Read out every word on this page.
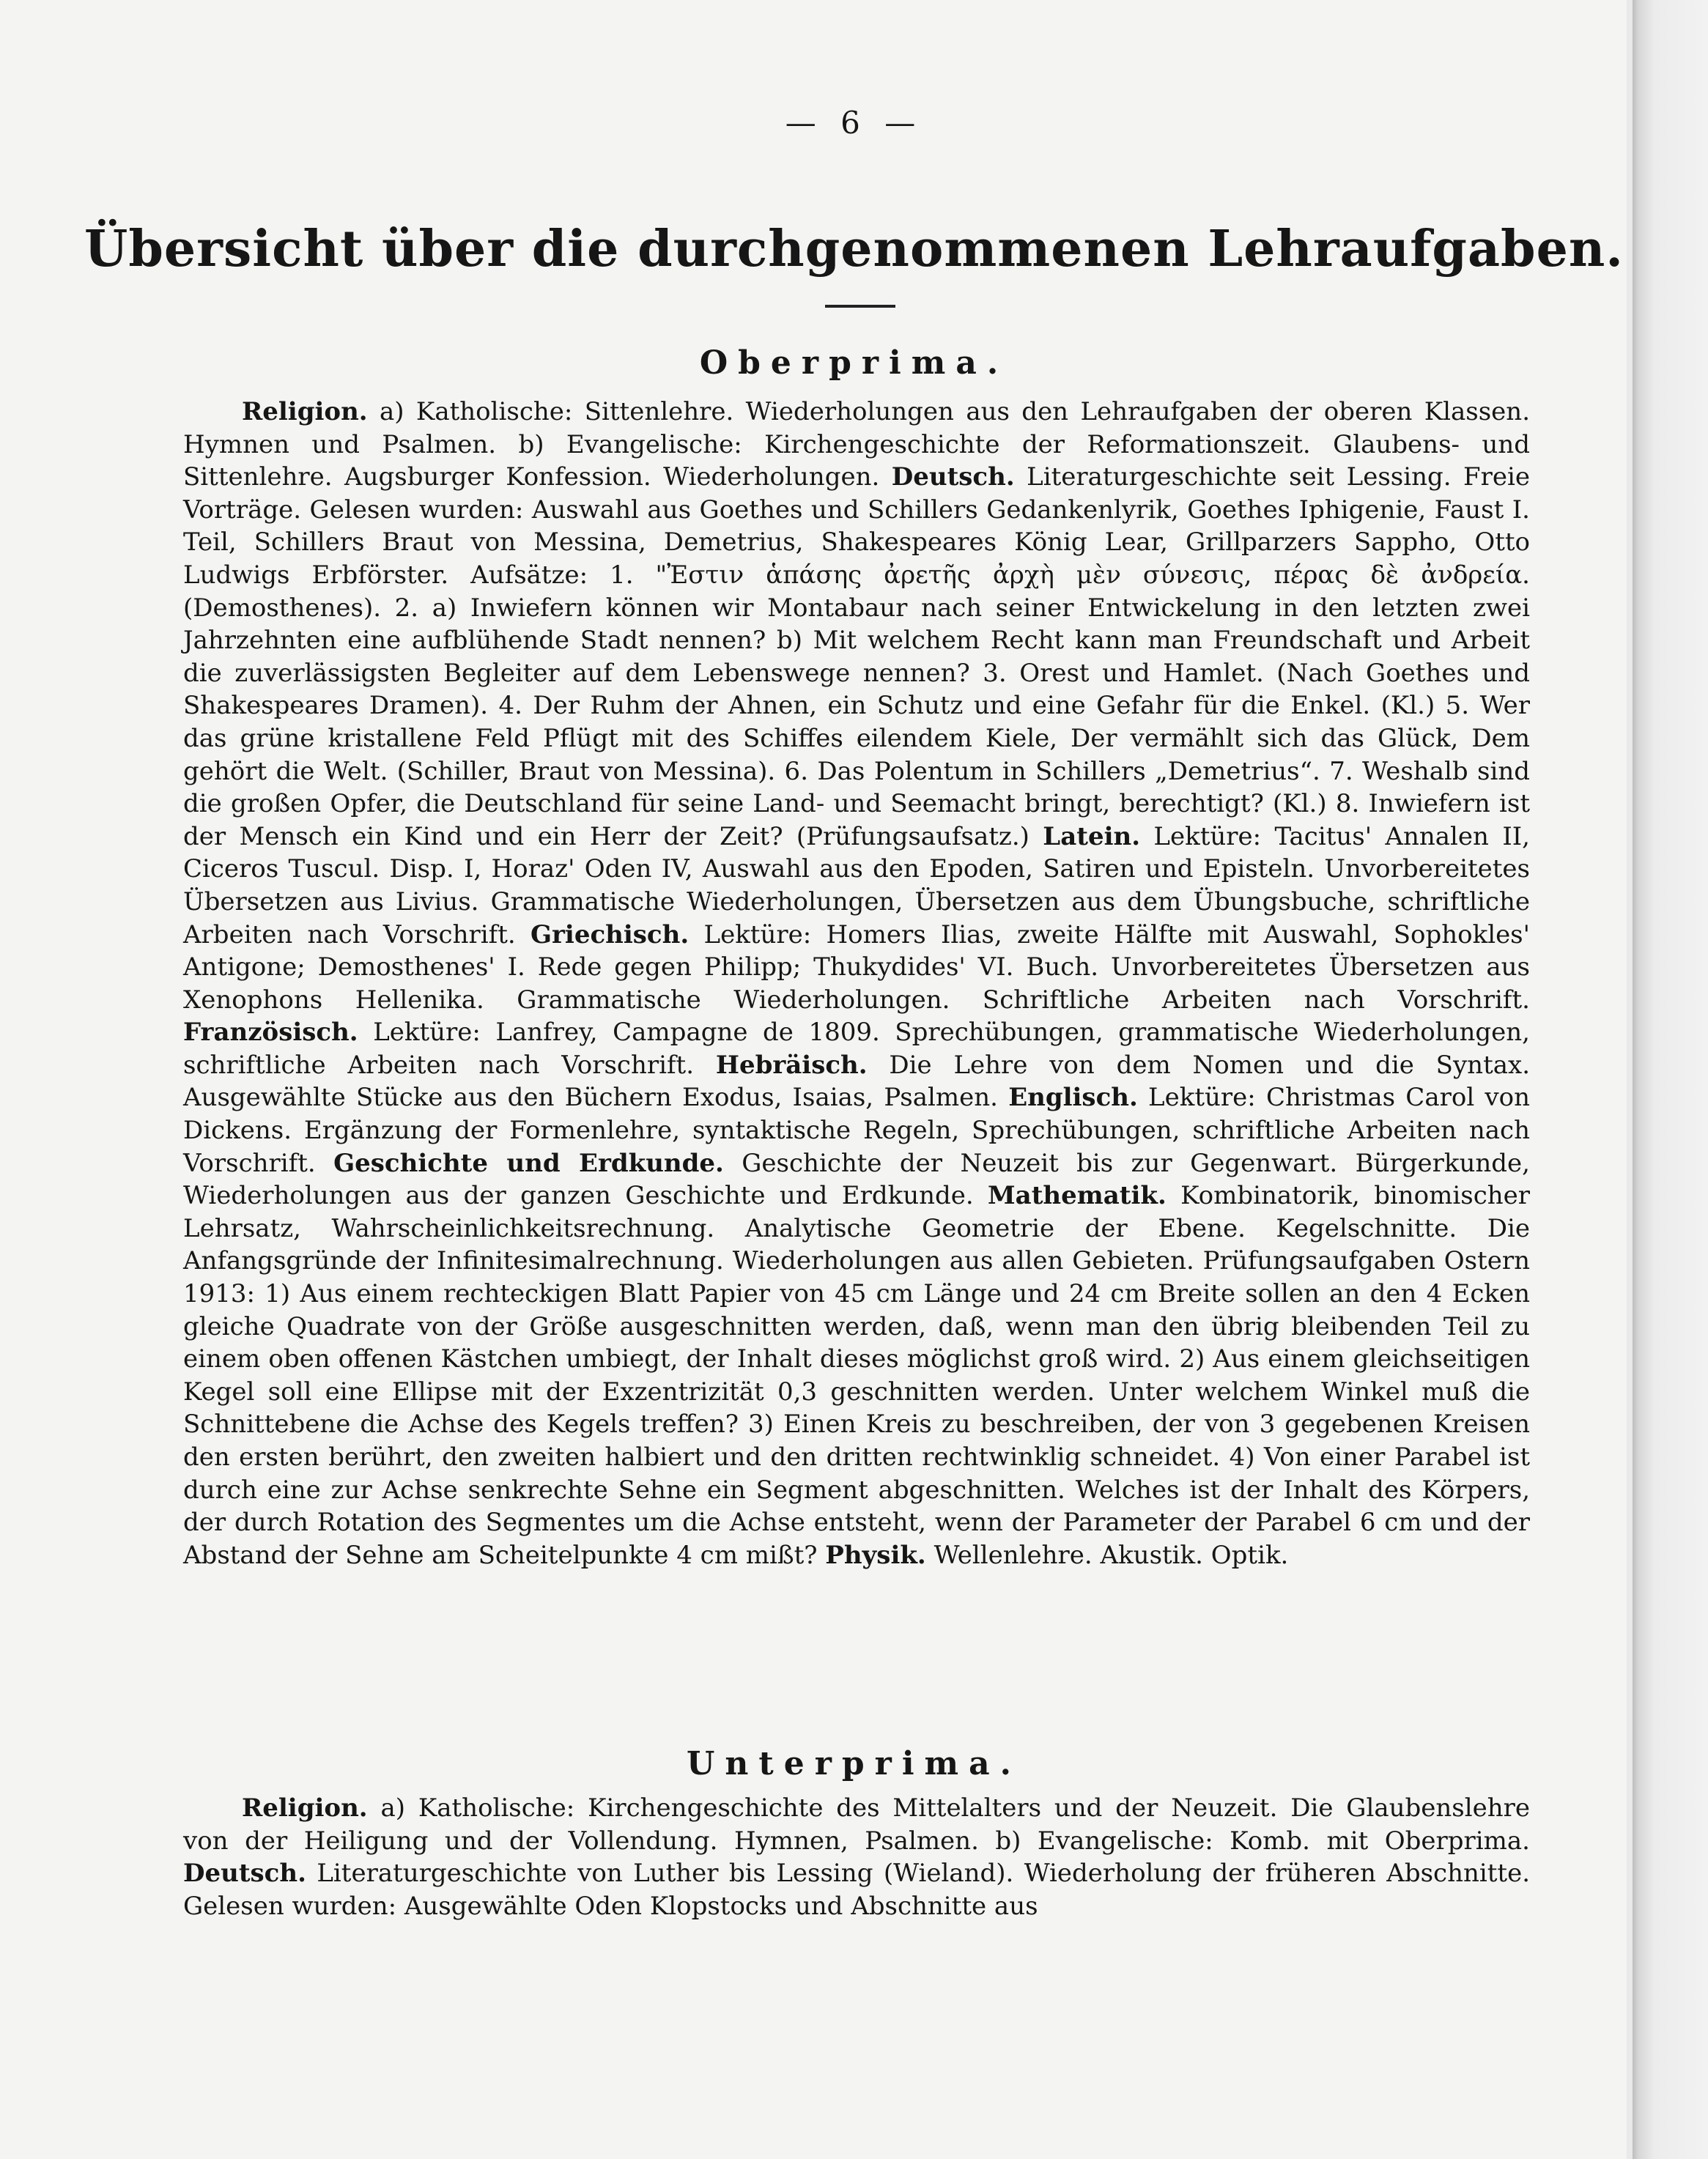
— 6 —
Übersicht über die durchgenommenen Lehraufgaben.
Oberprima.

Religion. a) Katholische: Sittenlehre. Wiederholungen aus den Lehraufgaben der oberen Klassen. Hymnen und Psalmen. b) Evangelische: Kirchengeschichte der Reformationszeit. Glaubens- und Sittenlehre. Augsburger Konfession. Wiederholungen. Deutsch. Literaturgeschichte seit Lessing. Freie Vorträge. Gelesen wurden: Auswahl aus Goethes und Schillers Gedankenlyrik, Goethes Iphigenie, Faust I. Teil, Schillers Braut von Messina, Demetrius, Shakespeares König Lear, Grillparzers Sappho, Otto Ludwigs Erbförster. Aufsätze: 1. "Ἐστιν ἁπάσης ἀρετῆς ἀρχὴ μὲν σύνεσις, πέρας δὲ ἀνδρεία. (Demosthenes). 2. a) Inwiefern können wir Montabaur nach seiner Entwickelung in den letzten zwei Jahrzehnten eine aufblühende Stadt nennen? b) Mit welchem Recht kann man Freundschaft und Arbeit die zuverlässigsten Begleiter auf dem Lebenswege nennen? 3. Orest und Hamlet. (Nach Goethes und Shakespeares Dramen). 4. Der Ruhm der Ahnen, ein Schutz und eine Gefahr für die Enkel. (Kl.) 5. Wer das grüne kristallene Feld Pflügt mit des Schiffes eilendem Kiele, Der vermählt sich das Glück, Dem gehört die Welt. (Schiller, Braut von Messina). 6. Das Polentum in Schillers „Demetrius“. 7. Weshalb sind die großen Opfer, die Deutschland für seine Land- und Seemacht bringt, berechtigt? (Kl.) 8. Inwiefern ist der Mensch ein Kind und ein Herr der Zeit? (Prüfungsaufsatz.) Latein. Lektüre: Tacitus' Annalen II, Ciceros Tuscul. Disp. I, Horaz' Oden IV, Auswahl aus den Epoden, Satiren und Episteln. Unvorbereitetes Übersetzen aus Livius. Grammatische Wiederholungen, Übersetzen aus dem Übungsbuche, schriftliche Arbeiten nach Vorschrift. Griechisch. Lektüre: Homers Ilias, zweite Hälfte mit Auswahl, Sophokles' Antigone; Demosthenes' I. Rede gegen Philipp; Thukydides' VI. Buch. Unvorbereitetes Übersetzen aus Xenophons Hellenika. Grammatische Wiederholungen. Schriftliche Arbeiten nach Vorschrift. Französisch. Lektüre: Lanfrey, Campagne de 1809. Sprechübungen, grammatische Wiederholungen, schriftliche Arbeiten nach Vorschrift. Hebräisch. Die Lehre von dem Nomen und die Syntax. Ausgewählte Stücke aus den Büchern Exodus, Isaias, Psalmen. Englisch. Lektüre: Christmas Carol von Dickens. Ergänzung der Formenlehre, syntaktische Regeln, Sprechübungen, schriftliche Arbeiten nach Vorschrift. Geschichte und Erdkunde. Geschichte der Neuzeit bis zur Gegenwart. Bürgerkunde, Wiederholungen aus der ganzen Geschichte und Erdkunde. Mathematik. Kombinatorik, binomischer Lehrsatz, Wahrscheinlichkeitsrechnung. Analytische Geometrie der Ebene. Kegelschnitte. Die Anfangsgründe der Infinitesimalrechnung. Wiederholungen aus allen Gebieten. Prüfungsaufgaben Ostern 1913: 1) Aus einem rechteckigen Blatt Papier von 45 cm Länge und 24 cm Breite sollen an den 4 Ecken gleiche Quadrate von der Größe ausgeschnitten werden, daß, wenn man den übrig bleibenden Teil zu einem oben offenen Kästchen umbiegt, der Inhalt dieses möglichst groß wird. 2) Aus einem gleichseitigen Kegel soll eine Ellipse mit der Exzentrizität 0,3 geschnitten werden. Unter welchem Winkel muß die Schnittebene die Achse des Kegels treffen? 3) Einen Kreis zu beschreiben, der von 3 gegebenen Kreisen den ersten berührt, den zweiten halbiert und den dritten rechtwinklig schneidet. 4) Von einer Parabel ist durch eine zur Achse senkrechte Sehne ein Segment abgeschnitten. Welches ist der Inhalt des Körpers, der durch Rotation des Segmentes um die Achse entsteht, wenn der Parameter der Parabel 6 cm und der Abstand der Sehne am Scheitelpunkte 4 cm mißt? Physik. Wellenlehre. Akustik. Optik.

Unterprima.

Religion. a) Katholische: Kirchengeschichte des Mittelalters und der Neuzeit. Die Glaubenslehre von der Heiligung und der Vollendung. Hymnen, Psalmen. b) Evangelische: Komb. mit Oberprima. Deutsch. Literaturgeschichte von Luther bis Lessing (Wieland). Wiederholung der früheren Abschnitte. Gelesen wurden: Ausgewählte Oden Klopstocks und Abschnitte aus
